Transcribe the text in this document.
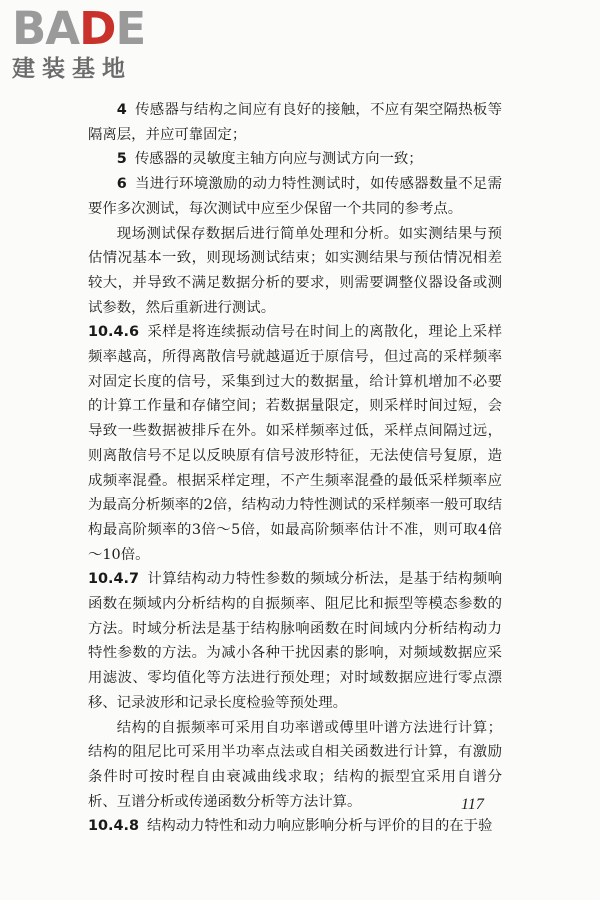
BADE
建装基地

4 传感器与结构之间应有良好的接触，不应有架空隔热板等隔离层，并应可靠固定；

5 传感器的灵敏度主轴方向应与测试方向一致；

6 当进行环境激励的动力特性测试时，如传感器数量不足需要作多次测试，每次测试中应至少保留一个共同的参考点。

现场测试保存数据后进行简单处理和分析。如实测结果与预估情况基本一致，则现场测试结束；如实测结果与预估情况相差较大，并导致不满足数据分析的要求，则需要调整仪器设备或测试参数，然后重新进行测试。

10.4.6 采样是将连续振动信号在时间上的离散化，理论上采样频率越高，所得离散信号就越逼近于原信号，但过高的采样频率对固定长度的信号，采集到过大的数据量，给计算机增加不必要的计算工作量和存储空间；若数据量限定，则采样时间过短，会导致一些数据被排斥在外。如采样频率过低，采样点间隔过远，则离散信号不足以反映原有信号波形特征，无法使信号复原，造成频率混叠。根据采样定理，不产生频率混叠的最低采样频率应为最高分析频率的2倍，结构动力特性测试的采样频率一般可取结构最高阶频率的3倍～5倍，如最高阶频率估计不准，则可取4倍～10倍。

10.4.7 计算结构动力特性参数的频域分析法，是基于结构频响函数在频域内分析结构的自振频率、阻尼比和振型等模态参数的方法。时域分析法是基于结构脉响函数在时间域内分析结构动力特性参数的方法。为减小各种干扰因素的影响，对频域数据应采用滤波、零均值化等方法进行预处理；对时域数据应进行零点漂移、记录波形和记录长度检验等预处理。

结构的自振频率可采用自功率谱或傅里叶谱方法进行计算；结构的阻尼比可采用半功率点法或自相关函数进行计算，有激励条件时可按时程自由衰减曲线求取；结构的振型宜采用自谱分析、互谱分析或传递函数分析等方法计算。

10.4.8 结构动力特性和动力响应影响分析与评价的目的在于验

117
